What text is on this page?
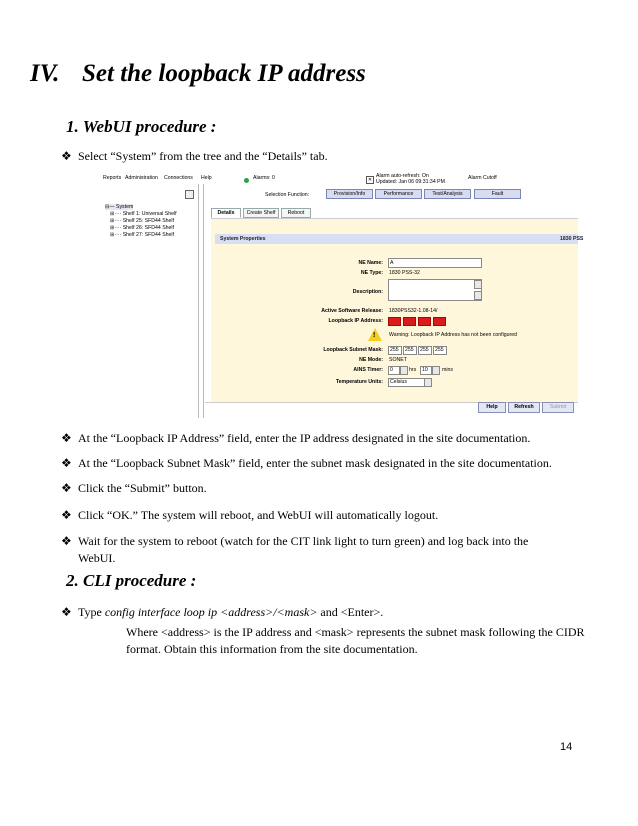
IV. Set the loopback IP address
1. WebUI procedure :
❖ Select “System” from the tree and the “Details” tab.
Reports Administration Connections Help	Alarms: 0	✕
Alarm auto-refresh: On
Updated: Jan 06 09:31:34 PM
Alarm Cutoff
Selection Function:	Provision/Info	Performance	Test/Analysis	Fault
⊟— System
⊞···· Shelf 1: Universal Shelf
⊞···· Shelf 25: SFD44 Shelf
⊞···· Shelf 26: SFD44 Shelf
⊞···· Shelf 27: SFD44 Shelf
Details	Create Shelf	Reboot
System Properties	1830 PSS
NE Name:	A
NE Type: 1830 PSS-32
Description:
Active Software Release: 1830PSS32-1.08-14/
Loopback IP Address:
!	Warning: Loopback IP Address has not been configured
Loopback Subnet Mask:	255	255	255	255
NE Mode: SONET
AINS Timer:	0	hrs	10	mins
Temperature Units:	Celsius
Help	Refresh	Submit
❖ At the “Loopback IP Address” field, enter the IP address designated in the site documentation.
❖ At the “Loopback Subnet Mask” field, enter the subnet mask designated in the site documentation.
❖ Click the “Submit” button.
❖ Click “OK.” The system will reboot, and WebUI will automatically logout.
❖ Wait for the system to reboot (watch for the CIT link light to turn green) and log back into the WebUI.
2. CLI procedure :
❖ Type config interface loop ip <address>/<mask> and <Enter>.
Where <address> is the IP address and <mask> represents the subnet mask following the CIDR format. Obtain this information from the site documentation.
14
